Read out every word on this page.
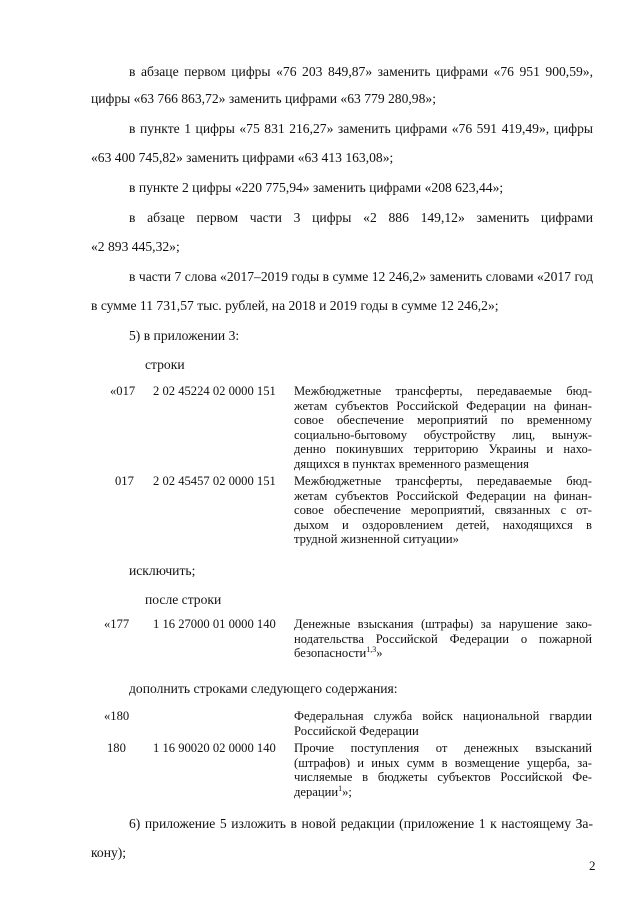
в абзаце первом цифры «76 203 849,87» заменить цифрами «76 951 900,59»,
цифры «63 766 863,72» заменить цифрами «63 779 280,98»;
в пункте 1 цифры «75 831 216,27» заменить цифрами «76 591 419,49», цифры
«63 400 745,82» заменить цифрами «63 413 163,08»;
в пункте 2 цифры «220 775,94» заменить цифрами «208 623,44»;
в абзаце первом части 3 цифры «2 886 149,12» заменить цифрами
«2 893 445,32»;
в части 7 слова «2017–2019 годы в сумме 12 246,2» заменить словами «2017 год
в сумме 11 731,57 тыс. рублей, на 2018 и 2019 годы в сумме 12 246,2»;
5) в приложении 3:
строки
«017 2 02 45224 02 0000 151 Межбюджетные трансферты, передаваемые бюд-
жетам субъектов Российской Федерации на финан-
совое обеспечение мероприятий по временному
социально-бытовому обустройству лиц, вынуж-
денно покинувших территорию Украины и нахо-
дящихся в пунктах временного размещения
017 2 02 45457 02 0000 151 Межбюджетные трансферты, передаваемые бюд-
жетам субъектов Российской Федерации на финан-
совое обеспечение мероприятий, связанных с от-
дыхом и оздоровлением детей, находящихся в
трудной жизненной ситуации»
исключить;
после строки
«177 1 16 27000 01 0000 140 Денежные взыскания (штрафы) за нарушение зако-
нодательства Российской Федерации о пожарной
безопасности$^{1,3}$»
дополнить строками следующего содержания:
«180	Федеральная служба войск национальной гвардии
Российской Федерации
180 1 16 90020 02 0000 140 Прочие поступления от денежных взысканий
(штрафов) и иных сумм в возмещение ущерба, за-
числяемые в бюджеты субъектов Российской Фе-
дерации$^1$»;
6) приложение 5 изложить в новой редакции (приложение 1 к настоящему За-
кону);
2
